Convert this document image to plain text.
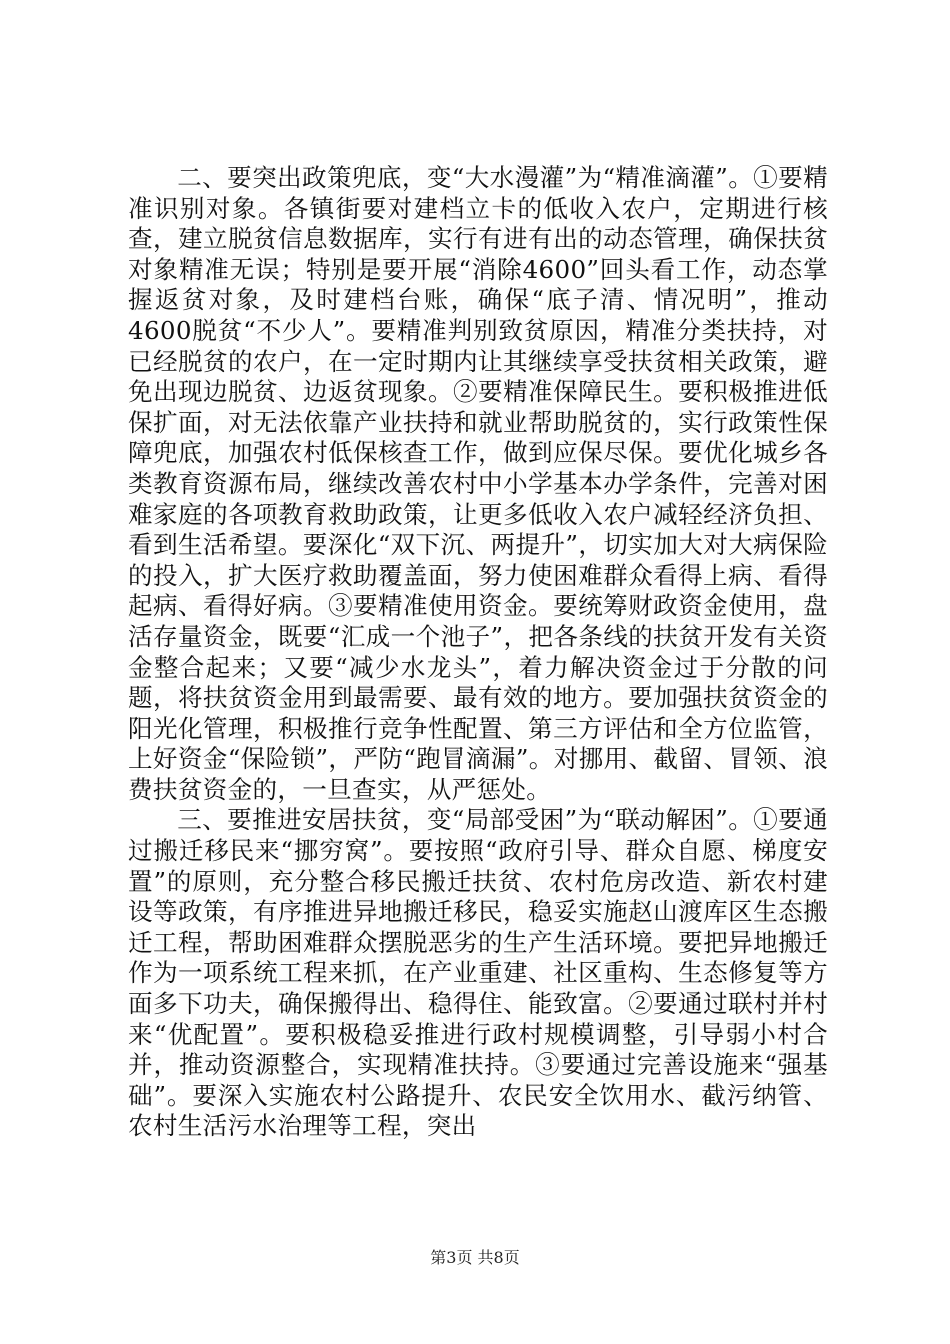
二、要突出政策兜底，变“大水漫灌”为“精准滴灌”。①要精准识别对象。各镇街要对建档立卡的低收入农户，定期进行核查，建立脱贫信息数据库，实行有进有出的动态管理，确保扶贫对象精准无误；特别是要开展“消除4600”回头看工作，动态掌握返贫对象，及时建档台账，确保“底子清、情况明”，推动4600脱贫“不少人”。要精准判别致贫原因，精准分类扶持，对已经脱贫的农户，在一定时期内让其继续享受扶贫相关政策，避免出现边脱贫、边返贫现象。②要精准保障民生。要积极推进低保扩面，对无法依靠产业扶持和就业帮助脱贫的，实行政策性保障兜底，加强农村低保核查工作，做到应保尽保。要优化城乡各类教育资源布局，继续改善农村中小学基本办学条件，完善对困难家庭的各项教育救助政策，让更多低收入农户减轻经济负担、看到生活希望。要深化“双下沉、两提升”，切实加大对大病保险的投入，扩大医疗救助覆盖面，努力使困难群众看得上病、看得起病、看得好病。③要精准使用资金。要统筹财政资金使用，盘活存量资金，既要“汇成一个池子”，把各条线的扶贫开发有关资金整合起来；又要“减少水龙头”，着力解决资金过于分散的问题，将扶贫资金用到最需要、最有效的地方。要加强扶贫资金的阳光化管理，积极推行竞争性配置、第三方评估和全方位监管，上好资金“保险锁”，严防“跑冒滴漏”。对挪用、截留、冒领、浪费扶贫资金的，一旦查实，从严惩处。

三、要推进安居扶贫，变“局部受困”为“联动解困”。①要通过搬迁移民来“挪穷窝”。要按照“政府引导、群众自愿、梯度安置”的原则，充分整合移民搬迁扶贫、农村危房改造、新农村建设等政策，有序推进异地搬迁移民，稳妥实施赵山渡库区生态搬迁工程，帮助困难群众摆脱恶劣的生产生活环境。要把异地搬迁作为一项系统工程来抓，在产业重建、社区重构、生态修复等方面多下功夫，确保搬得出、稳得住、能致富。②要通过联村并村来“优配置”。要积极稳妥推进行政村规模调整，引导弱小村合并，推动资源整合，实现精准扶持。③要通过完善设施来“强基础”。要深入实施农村公路提升、农民安全饮用水、截污纳管、农村生活污水治理等工程，突出

第3页 共8页
